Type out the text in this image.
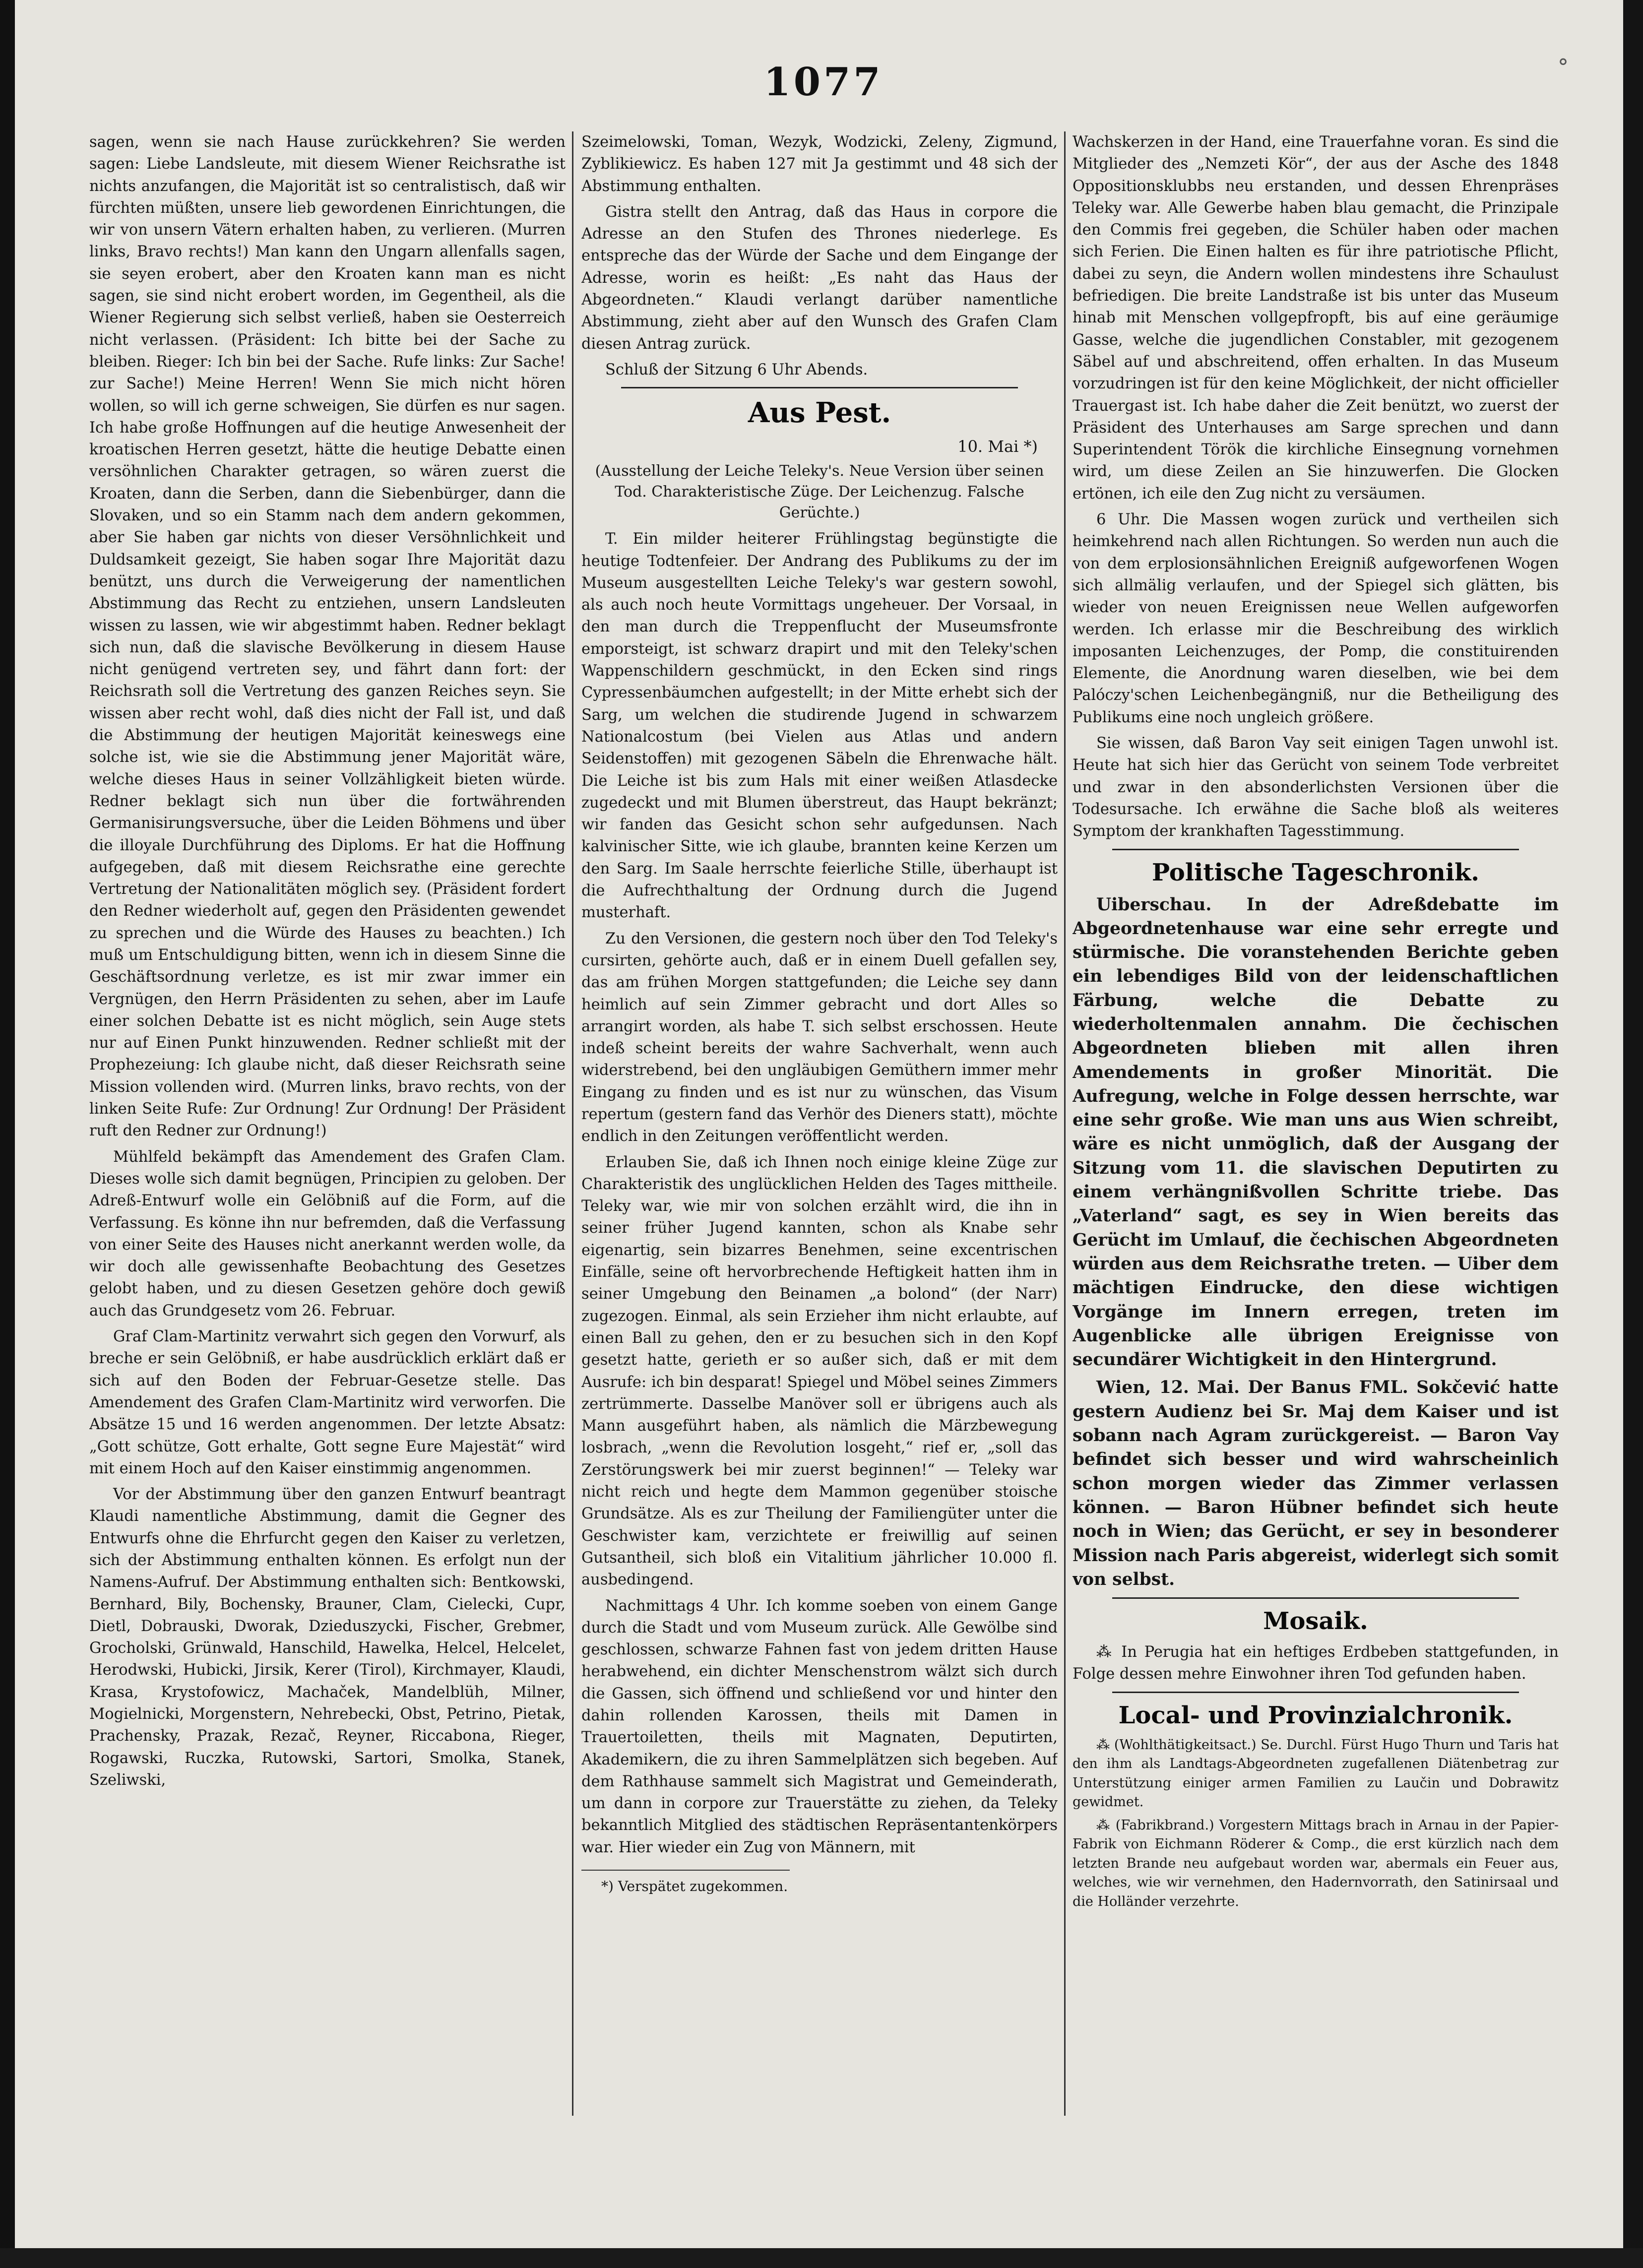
1077	°

sagen, wenn sie nach Hause zurückkehren? Sie werden sagen: Liebe Landsleute, mit diesem Wiener Reichsrathe ist nichts anzufangen, die Majorität ist so centralistisch, daß wir fürchten müßten, unsere lieb gewordenen Einrichtungen, die wir von unsern Vätern erhalten haben, zu verlieren. (Murren links, Bravo rechts!) Man kann den Ungarn allenfalls sagen, sie seyen erobert, aber den Kroaten kann man es nicht sagen, sie sind nicht erobert worden, im Gegentheil, als die Wiener Regierung sich selbst verließ, haben sie Oesterreich nicht verlassen. (Präsident: Ich bitte bei der Sache zu bleiben. Rieger: Ich bin bei der Sache. Rufe links: Zur Sache! zur Sache!) Meine Herren! Wenn Sie mich nicht hören wollen, so will ich gerne schweigen, Sie dürfen es nur sagen. Ich habe große Hoffnungen auf die heutige Anwesenheit der kroatischen Herren gesetzt, hätte die heutige Debatte einen versöhnlichen Charakter getragen, so wären zuerst die Kroaten, dann die Serben, dann die Siebenbürger, dann die Slovaken, und so ein Stamm nach dem andern gekommen, aber Sie haben gar nichts von dieser Versöhnlichkeit und Duldsamkeit gezeigt, Sie haben sogar Ihre Majorität dazu benützt, uns durch die Verweigerung der namentlichen Abstimmung das Recht zu entziehen, unsern Landsleuten wissen zu lassen, wie wir abgestimmt haben. Redner beklagt sich nun, daß die slavische Bevölkerung in diesem Hause nicht genügend vertreten sey, und fährt dann fort: der Reichsrath soll die Vertretung des ganzen Reiches seyn. Sie wissen aber recht wohl, daß dies nicht der Fall ist, und daß die Abstimmung der heutigen Majorität keineswegs eine solche ist, wie sie die Abstimmung jener Majorität wäre, welche dieses Haus in seiner Vollzähligkeit bieten würde. Redner beklagt sich nun über die fortwährenden Germanisirungsversuche, über die Leiden Böhmens und über die illoyale Durchführung des Diploms. Er hat die Hoffnung aufgegeben, daß mit diesem Reichsrathe eine gerechte Vertretung der Nationalitäten möglich sey. (Präsident fordert den Redner wiederholt auf, gegen den Präsidenten gewendet zu sprechen und die Würde des Hauses zu beachten.) Ich muß um Entschuldigung bitten, wenn ich in diesem Sinne die Geschäftsordnung verletze, es ist mir zwar immer ein Vergnügen, den Herrn Präsidenten zu sehen, aber im Laufe einer solchen Debatte ist es nicht möglich, sein Auge stets nur auf Einen Punkt hinzuwenden. Redner schließt mit der Prophezeiung: Ich glaube nicht, daß dieser Reichsrath seine Mission vollenden wird. (Murren links, bravo rechts, von der linken Seite Rufe: Zur Ordnung! Zur Ordnung! Der Präsident ruft den Redner zur Ordnung!)

Mühlfeld bekämpft das Amendement des Grafen Clam. Dieses wolle sich damit begnügen, Principien zu geloben. Der Adreß-Entwurf wolle ein Gelöbniß auf die Form, auf die Verfassung. Es könne ihn nur befremden, daß die Verfassung von einer Seite des Hauses nicht anerkannt werden wolle, da wir doch alle gewissenhafte Beobachtung des Gesetzes gelobt haben, und zu diesen Gesetzen gehöre doch gewiß auch das Grundgesetz vom 26. Februar.

Graf Clam-Martinitz verwahrt sich gegen den Vorwurf, als breche er sein Gelöbniß, er habe ausdrücklich erklärt daß er sich auf den Boden der Februar-Gesetze stelle. Das Amendement des Grafen Clam-Martinitz wird verworfen. Die Absätze 15 und 16 werden angenommen. Der letzte Absatz: „Gott schütze, Gott erhalte, Gott segne Eure Majestät“ wird mit einem Hoch auf den Kaiser einstimmig angenommen.

Vor der Abstimmung über den ganzen Entwurf beantragt Klaudi namentliche Abstimmung, damit die Gegner des Entwurfs ohne die Ehrfurcht gegen den Kaiser zu verletzen, sich der Abstimmung enthalten können. Es erfolgt nun der Namens-Aufruf. Der Abstimmung enthalten sich: Bentkowski, Bernhard, Bily, Bochensky, Brauner, Clam, Cielecki, Cupr, Dietl, Dobrauski, Dworak, Dzieduszycki, Fischer, Grebmer, Grocholski, Grünwald, Hanschild, Hawelka, Helcel, Helcelet, Herodwski, Hubicki, Jirsik, Kerer (Tirol), Kirchmayer, Klaudi, Krasa, Krystofowicz, Machaček, Mandelblüh, Milner, Mogielnicki, Morgenstern, Nehrebecki, Obst, Petrino, Pietak, Prachensky, Prazak, Rezač, Reyner, Riccabona, Rieger, Rogawski, Ruczka, Rutowski, Sartori, Smolka, Stanek, Szeliwski,

Szeimelowski, Toman, Wezyk, Wodzicki, Zeleny, Zigmund, Zyblikiewicz. Es haben 127 mit Ja gestimmt und 48 sich der Abstimmung enthalten.

Gistra stellt den Antrag, daß das Haus in corpore die Adresse an den Stufen des Thrones niederlege. Es entspreche das der Würde der Sache und dem Eingange der Adresse, worin es heißt: „Es naht das Haus der Abgeordneten.“ Klaudi verlangt darüber namentliche Abstimmung, zieht aber auf den Wunsch des Grafen Clam diesen Antrag zurück.

Schluß der Sitzung 6 Uhr Abends.

Aus Pest.
10. Mai *)
(Ausstellung der Leiche Teleky's. Neue Version über seinen Tod. Charakteristische Züge. Der Leichenzug. Falsche Gerüchte.)

T. Ein milder heiterer Frühlingstag begünstigte die heutige Todtenfeier. Der Andrang des Publikums zu der im Museum ausgestellten Leiche Teleky's war gestern sowohl, als auch noch heute Vormittags ungeheuer. Der Vorsaal, in den man durch die Treppenflucht der Museumsfronte emporsteigt, ist schwarz drapirt und mit den Teleky'schen Wappenschildern geschmückt, in den Ecken sind rings Cypressenbäumchen aufgestellt; in der Mitte erhebt sich der Sarg, um welchen die studirende Jugend in schwarzem Nationalcostum (bei Vielen aus Atlas und andern Seidenstoffen) mit gezogenen Säbeln die Ehrenwache hält. Die Leiche ist bis zum Hals mit einer weißen Atlasdecke zugedeckt und mit Blumen überstreut, das Haupt bekränzt; wir fanden das Gesicht schon sehr aufgedunsen. Nach kalvinischer Sitte, wie ich glaube, brannten keine Kerzen um den Sarg. Im Saale herrschte feierliche Stille, überhaupt ist die Aufrechthaltung der Ordnung durch die Jugend musterhaft.

Zu den Versionen, die gestern noch über den Tod Teleky's cursirten, gehörte auch, daß er in einem Duell gefallen sey, das am frühen Morgen stattgefunden; die Leiche sey dann heimlich auf sein Zimmer gebracht und dort Alles so arrangirt worden, als habe T. sich selbst erschossen. Heute indeß scheint bereits der wahre Sachverhalt, wenn auch widerstrebend, bei den ungläubigen Gemüthern immer mehr Eingang zu finden und es ist nur zu wünschen, das Visum repertum (gestern fand das Verhör des Dieners statt), möchte endlich in den Zeitungen veröffentlicht werden.

Erlauben Sie, daß ich Ihnen noch einige kleine Züge zur Charakteristik des unglücklichen Helden des Tages mittheile. Teleky war, wie mir von solchen erzählt wird, die ihn in seiner früher Jugend kannten, schon als Knabe sehr eigenartig, sein bizarres Benehmen, seine excentrischen Einfälle, seine oft hervorbrechende Heftigkeit hatten ihm in seiner Umgebung den Beinamen „a bolond“ (der Narr) zugezogen. Einmal, als sein Erzieher ihm nicht erlaubte, auf einen Ball zu gehen, den er zu besuchen sich in den Kopf gesetzt hatte, gerieth er so außer sich, daß er mit dem Ausrufe: ich bin desparat! Spiegel und Möbel seines Zimmers zertrümmerte. Dasselbe Manöver soll er übrigens auch als Mann ausgeführt haben, als nämlich die Märzbewegung losbrach, „wenn die Revolution losgeht,“ rief er, „soll das Zerstörungswerk bei mir zuerst beginnen!“ — Teleky war nicht reich und hegte dem Mammon gegenüber stoische Grundsätze. Als es zur Theilung der Familiengüter unter die Geschwister kam, verzichtete er freiwillig auf seinen Gutsantheil, sich bloß ein Vitalitium jährlicher 10.000 fl. ausbedingend.

Nachmittags 4 Uhr. Ich komme soeben von einem Gange durch die Stadt und vom Museum zurück. Alle Gewölbe sind geschlossen, schwarze Fahnen fast von jedem dritten Hause herabwehend, ein dichter Menschenstrom wälzt sich durch die Gassen, sich öffnend und schließend vor und hinter den dahin rollenden Karossen, theils mit Damen in Trauertoiletten, theils mit Magnaten, Deputirten, Akademikern, die zu ihren Sammelplätzen sich begeben. Auf dem Rathhause sammelt sich Magistrat und Gemeinderath, um dann in corpore zur Trauerstätte zu ziehen, da Teleky bekanntlich Mitglied des städtischen Repräsentantenkörpers war. Hier wieder ein Zug von Männern, mit

*) Verspätet zugekommen.

Wachskerzen in der Hand, eine Trauerfahne voran. Es sind die Mitglieder des „Nemzeti Kör“, der aus der Asche des 1848 Oppositionsklubbs neu erstanden, und dessen Ehrenpräses Teleky war. Alle Gewerbe haben blau gemacht, die Prinzipale den Commis frei gegeben, die Schüler haben oder machen sich Ferien. Die Einen halten es für ihre patriotische Pflicht, dabei zu seyn, die Andern wollen mindestens ihre Schaulust befriedigen. Die breite Landstraße ist bis unter das Museum hinab mit Menschen vollgepfropft, bis auf eine geräumige Gasse, welche die jugendlichen Constabler, mit gezogenem Säbel auf und abschreitend, offen erhalten. In das Museum vorzudringen ist für den keine Möglichkeit, der nicht officieller Trauergast ist. Ich habe daher die Zeit benützt, wo zuerst der Präsident des Unterhauses am Sarge sprechen und dann Superintendent Török die kirchliche Einsegnung vornehmen wird, um diese Zeilen an Sie hinzuwerfen. Die Glocken ertönen, ich eile den Zug nicht zu versäumen.

6 Uhr. Die Massen wogen zurück und vertheilen sich heimkehrend nach allen Richtungen. So werden nun auch die von dem erplosionsähnlichen Ereigniß aufgeworfenen Wogen sich allmälig verlaufen, und der Spiegel sich glätten, bis wieder von neuen Ereignissen neue Wellen aufgeworfen werden. Ich erlasse mir die Beschreibung des wirklich imposanten Leichenzuges, der Pomp, die constituirenden Elemente, die Anordnung waren dieselben, wie bei dem Palóczy'schen Leichenbegängniß, nur die Betheiligung des Publikums eine noch ungleich größere.

Sie wissen, daß Baron Vay seit einigen Tagen unwohl ist. Heute hat sich hier das Gerücht von seinem Tode verbreitet und zwar in den absonderlichsten Versionen über die Todesursache. Ich erwähne die Sache bloß als weiteres Symptom der krankhaften Tagesstimmung.

Politische Tageschronik.

Uiberschau. In der Adreßdebatte im Abgeordnetenhause war eine sehr erregte und stürmische. Die voranstehenden Berichte geben ein lebendiges Bild von der leidenschaftlichen Färbung, welche die Debatte zu wiederholtenmalen annahm. Die čechischen Abgeordneten blieben mit allen ihren Amendements in großer Minorität. Die Aufregung, welche in Folge dessen herrschte, war eine sehr große. Wie man uns aus Wien schreibt, wäre es nicht unmöglich, daß der Ausgang der Sitzung vom 11. die slavischen Deputirten zu einem verhängnißvollen Schritte triebe. Das „Vaterland“ sagt, es sey in Wien bereits das Gerücht im Umlauf, die čechischen Abgeordneten würden aus dem Reichsrathe treten. — Uiber dem mächtigen Eindrucke, den diese wichtigen Vorgänge im Innern erregen, treten im Augenblicke alle übrigen Ereignisse von secundärer Wichtigkeit in den Hintergrund.

Wien, 12. Mai. Der Banus FML. Sokčević hatte gestern Audienz bei Sr. Maj dem Kaiser und ist sobann nach Agram zurückgereist. — Baron Vay befindet sich besser und wird wahrscheinlich schon morgen wieder das Zimmer verlassen können. — Baron Hübner befindet sich heute noch in Wien; das Gerücht, er sey in besonderer Mission nach Paris abgereist, widerlegt sich somit von selbst.

Mosaik.

⁂ In Perugia hat ein heftiges Erdbeben stattgefunden, in Folge dessen mehre Einwohner ihren Tod gefunden haben.

Local- und Provinzialchronik.

⁂ (Wohlthätigkeitsact.) Se. Durchl. Fürst Hugo Thurn und Taris hat den ihm als Landtags-Abgeordneten zugefallenen Diätenbetrag zur Unterstützung einiger armen Familien zu Laučin und Dobrawitz gewidmet.

⁂ (Fabrikbrand.) Vorgestern Mittags brach in Arnau in der Papier-Fabrik von Eichmann Röderer & Comp., die erst kürzlich nach dem letzten Brande neu aufgebaut worden war, abermals ein Feuer aus, welches, wie wir vernehmen, den Hadernvorrath, den Satinirsaal und die Holländer verzehrte.
